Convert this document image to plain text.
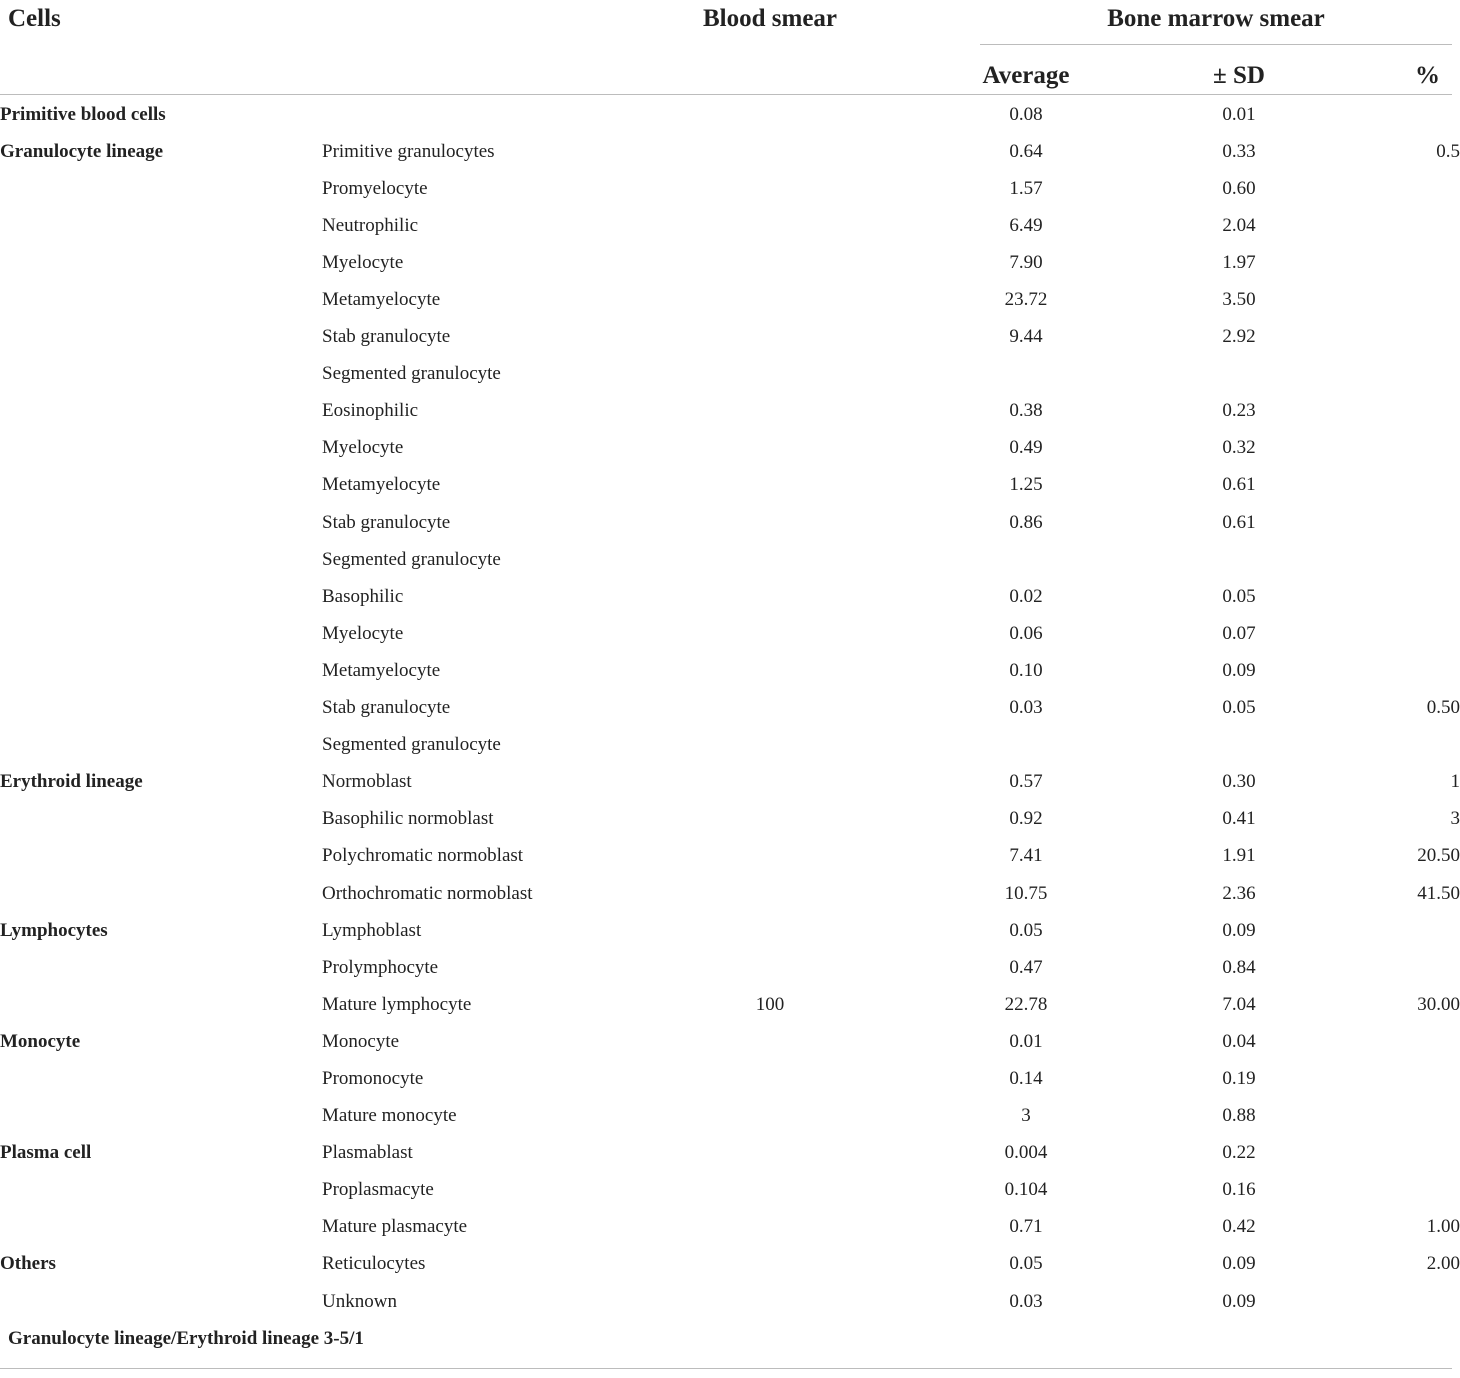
Cells	Blood smear	Bone marrow smear
Average	± SD	%
Primitive blood cells			0.08	0.01	
Granulocyte lineage	Primitive granulocytes		0.64	0.33	0.5
	Promyelocyte		1.57	0.60	
	Neutrophilic		6.49	2.04	
	Myelocyte		7.90	1.97	
	Metamyelocyte		23.72	3.50	
	Stab granulocyte		9.44	2.92	
	Segmented granulocyte				
	Eosinophilic		0.38	0.23	
	Myelocyte		0.49	0.32	
	Metamyelocyte		1.25	0.61	
	Stab granulocyte		0.86	0.61	
	Segmented granulocyte				
	Basophilic		0.02	0.05	
	Myelocyte		0.06	0.07	
	Metamyelocyte		0.10	0.09	
	Stab granulocyte		0.03	0.05	0.50
	Segmented granulocyte				
Erythroid lineage	Normoblast		0.57	0.30	1
	Basophilic normoblast		0.92	0.41	3
	Polychromatic normoblast		7.41	1.91	20.50
	Orthochromatic normoblast		10.75	2.36	41.50
Lymphocytes	Lymphoblast		0.05	0.09	
	Prolymphocyte		0.47	0.84	
	Mature lymphocyte	100	22.78	7.04	30.00
Monocyte	Monocyte		0.01	0.04	
	Promonocyte		0.14	0.19	
	Mature monocyte		3	0.88	
Plasma cell	Plasmablast		0.004	0.22	
	Proplasmacyte		0.104	0.16	
	Mature plasmacyte		0.71	0.42	1.00
Others	Reticulocytes		0.05	0.09	2.00
	Unknown		0.03	0.09	
Granulocyte lineage/Erythroid lineage 3-5/1					
